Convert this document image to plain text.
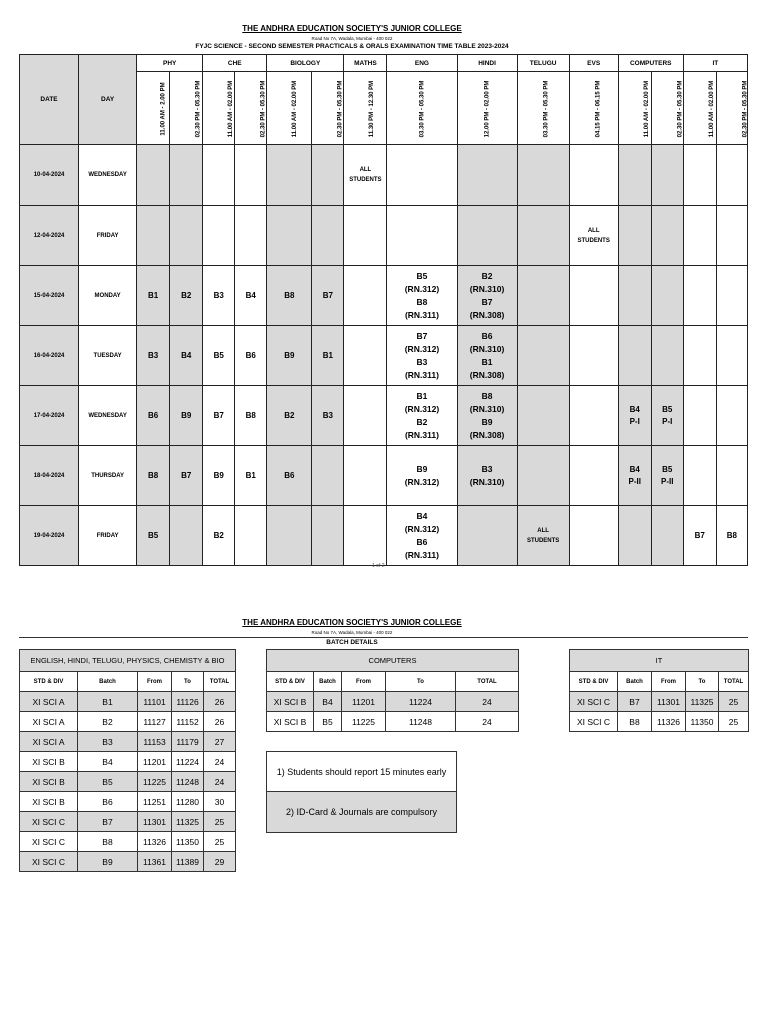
THE ANDHRA EDUCATION SOCIETY'S JUNIOR COLLEGE
Road No 7A, Wadala, Mumbai - 400 022
FYJC SCIENCE - SECOND SEMESTER PRACTICALS & ORALS EXAMINATION TIME TABLE 2023-2024
DATE	DAY	PHY		CHE		BIOLOGY		MATHS	ENG	HINDI	TELUGU	EVS	COMPUTERS		IT	
		11.00 AM - 2.00 PM	02.30 PM - 05.30 PM	11.00 AM - 02.00 PM	02.30 PM - 05.30 PM	11.00 AM - 02.00 PM	02.30 PM - 05.30 PM	11.30 PM - 12.30 PM	03.30 PM - 05.30 PM	12.00 PM - 02.00 PM	03.30 PM - 05.30 PM	04.15 PM - 06.15 PM	11.00 AM - 02.00 PM	02.30 PM - 05.30 PM	11.00 AM - 02.00 PM	02.30 PM - 05.30 PM
10-04-2024	WEDNESDAY							ALL
STUDENTS								
12-04-2024	FRIDAY											ALL
STUDENTS				
15-04-2024	MONDAY	B1	B2	B3	B4	B8	B7		B5
(RN.312)
B8
(RN.311)	B2
(RN.310)
B7
(RN.308)						
16-04-2024	TUESDAY	B3	B4	B5	B6	B9	B1		B7
(RN.312)
B3
(RN.311)	B6
(RN.310)
B1
(RN.308)						
17-04-2024	WEDNESDAY	B6	B9	B7	B8	B2	B3		B1
(RN.312)
B2
(RN.311)	B8
(RN.310)
B9
(RN.308)			B4
P-I	B5
P-I		
18-04-2024	THURSDAY	B8	B7	B9	B1	B6			B9
(RN.312)	B3
(RN.310)			B4
P-II	B5
P-II		
19-04-2024	FRIDAY	B5		B2					B4
(RN.312)
B6
(RN.311)		ALL
STUDENTS				B7	B8
1 of 2
THE ANDHRA EDUCATION SOCIETY'S JUNIOR COLLEGE
Road No 7A, Wadala, Mumbai - 400 022
BATCH DETAILS
ENGLISH, HINDI, TELUGU, PHYSICS, CHEMISTY & BIO				
STD & DIV	Batch	From	To	TOTAL
XI SCI A	B1	11101	11126	26
XI SCI A	B2	11127	11152	26
XI SCI A	B3	11153	11179	27
XI SCI B	B4	11201	11224	24
XI SCI B	B5	11225	11248	24
XI SCI B	B6	11251	11280	30
XI SCI C	B7	11301	11325	25
XI SCI C	B8	11326	11350	25
XI SCI C	B9	11361	11389	29
COMPUTERS				
STD & DIV	Batch	From	To	TOTAL
XI SCI B	B4	11201	11224	24
XI SCI B	B5	11225	11248	24
IT				
STD & DIV	Batch	From	To	TOTAL
XI SCI C	B7	11301	11325	25
XI SCI C	B8	11326	11350	25
1) Students should report 15 minutes early
2) ID-Card & Journals are compulsory
